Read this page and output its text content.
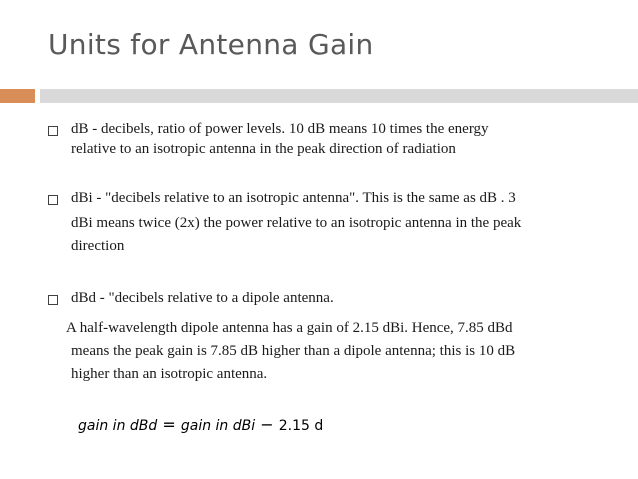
Units for Antenna Gain
dB - decibels, ratio of power levels. 10 dB means 10 times the energy
relative to an isotropic antenna in the peak direction of radiation
dBi - "decibels relative to an isotropic antenna". This is the same as dB . 3
dBi means twice (2x) the power relative to an isotropic antenna in the peak
direction
dBd - "decibels relative to a dipole antenna.
A half-wavelength dipole antenna has a gain of 2.15 dBi. Hence, 7.85 dBd
means the peak gain is 7.85 dB higher than a dipole antenna; this is 10 dB
higher than an isotropic antenna.
gain in dBd = gain in dBi − 2.15 d
